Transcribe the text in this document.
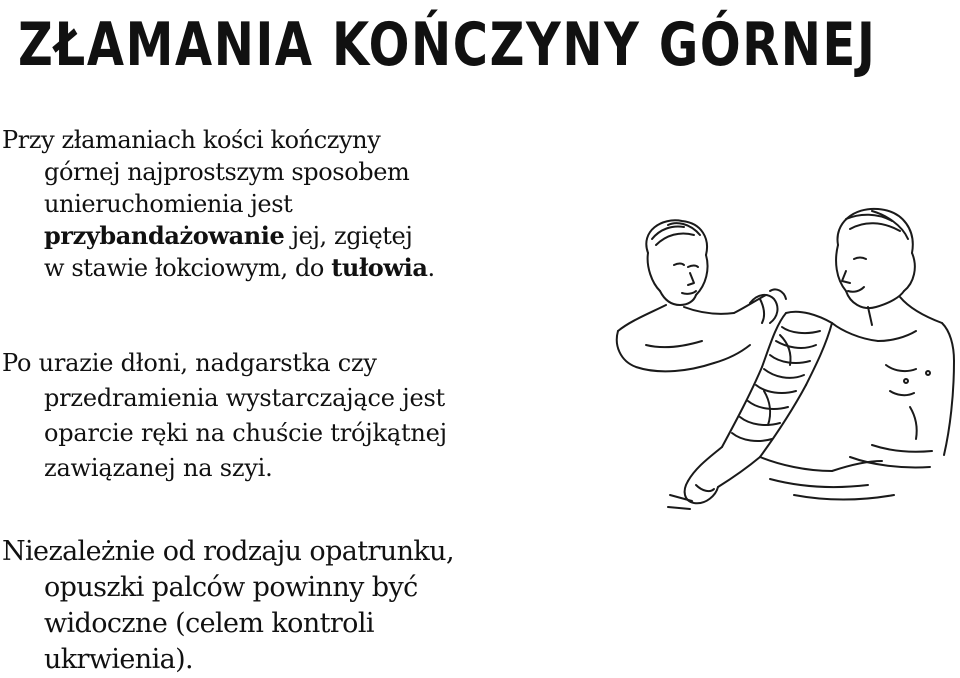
ZŁAMANIA KOŃCZYNY GÓRNEJ

Przy złamaniach kości kończyny
górnej najprostszym sposobem
unieruchomienia jest
przybandażowanie jej, zgiętej
w stawie łokciowym, do tułowia.

Po urazie dłoni, nadgarstka czy
przedramienia wystarczające jest
oparcie ręki na chuście trójkątnej
zawiązanej na szyi.

Niezależnie od rodzaju opatrunku,
opuszki palców powinny być
widoczne (celem kontroli
ukrwienia).
